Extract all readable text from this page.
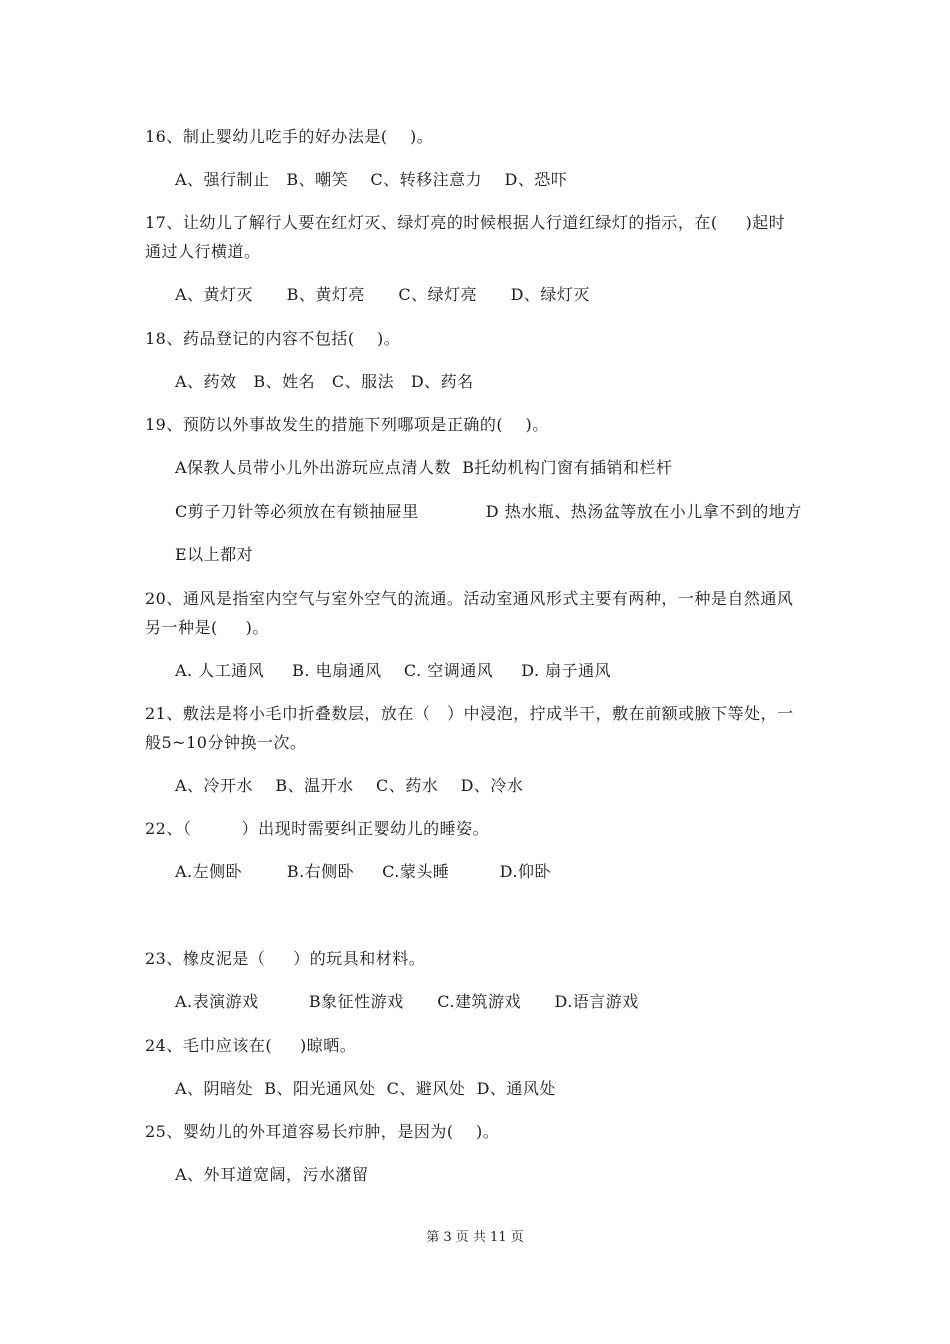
16、制止婴幼儿吃手的好办法是(    )。
A、强行制止   B、嘲笑    C、转移注意力    D、恐吓
17、让幼儿了解行人要在红灯灭、绿灯亮的时候根据人行道红绿灯的指示，在(     )起时
通过人行横道。
A、黄灯灭      B、黄灯亮      C、绿灯亮      D、绿灯灭
18、药品登记的内容不包括(    )。
A、药效   B、姓名   C、服法   D、药名
19、预防以外事故发生的措施下列哪项是正确的(    )。
A保教人员带小儿外出游玩应点清人数  B托幼机构门窗有插销和栏杆
C剪子刀针等必须放在有锁抽屉里            D 热水瓶、热汤盆等放在小儿拿不到的地方
E以上都对
20、通风是指室内空气与室外空气的流通。活动室通风形式主要有两种，一种是自然通风
另一种是(     )。
A. 人工通风     B. 电扇通风    C. 空调通风     D. 扇子通风
21、敷法是将小毛巾折叠数层，放在（   ）中浸泡，拧成半干，敷在前额或腋下等处，一
般5~10分钟换一次。
A、冷开水    B、温开水    C、药水    D、冷水
22、（         ）出现时需要纠正婴幼儿的睡姿。
A.左侧卧        B.右侧卧     C.蒙头睡         D.仰卧
23、橡皮泥是（     ）的玩具和材料。
A.表演游戏         B象征性游戏      C.建筑游戏      D.语言游戏
24、毛巾应该在(     )晾晒。
A、阴暗处  B、阳光通风处  C、避风处  D、通风处
25、婴幼儿的外耳道容易长疖肿，是因为(    )。
A、外耳道宽阔，污水潴留
第 3 页 共 11 页
